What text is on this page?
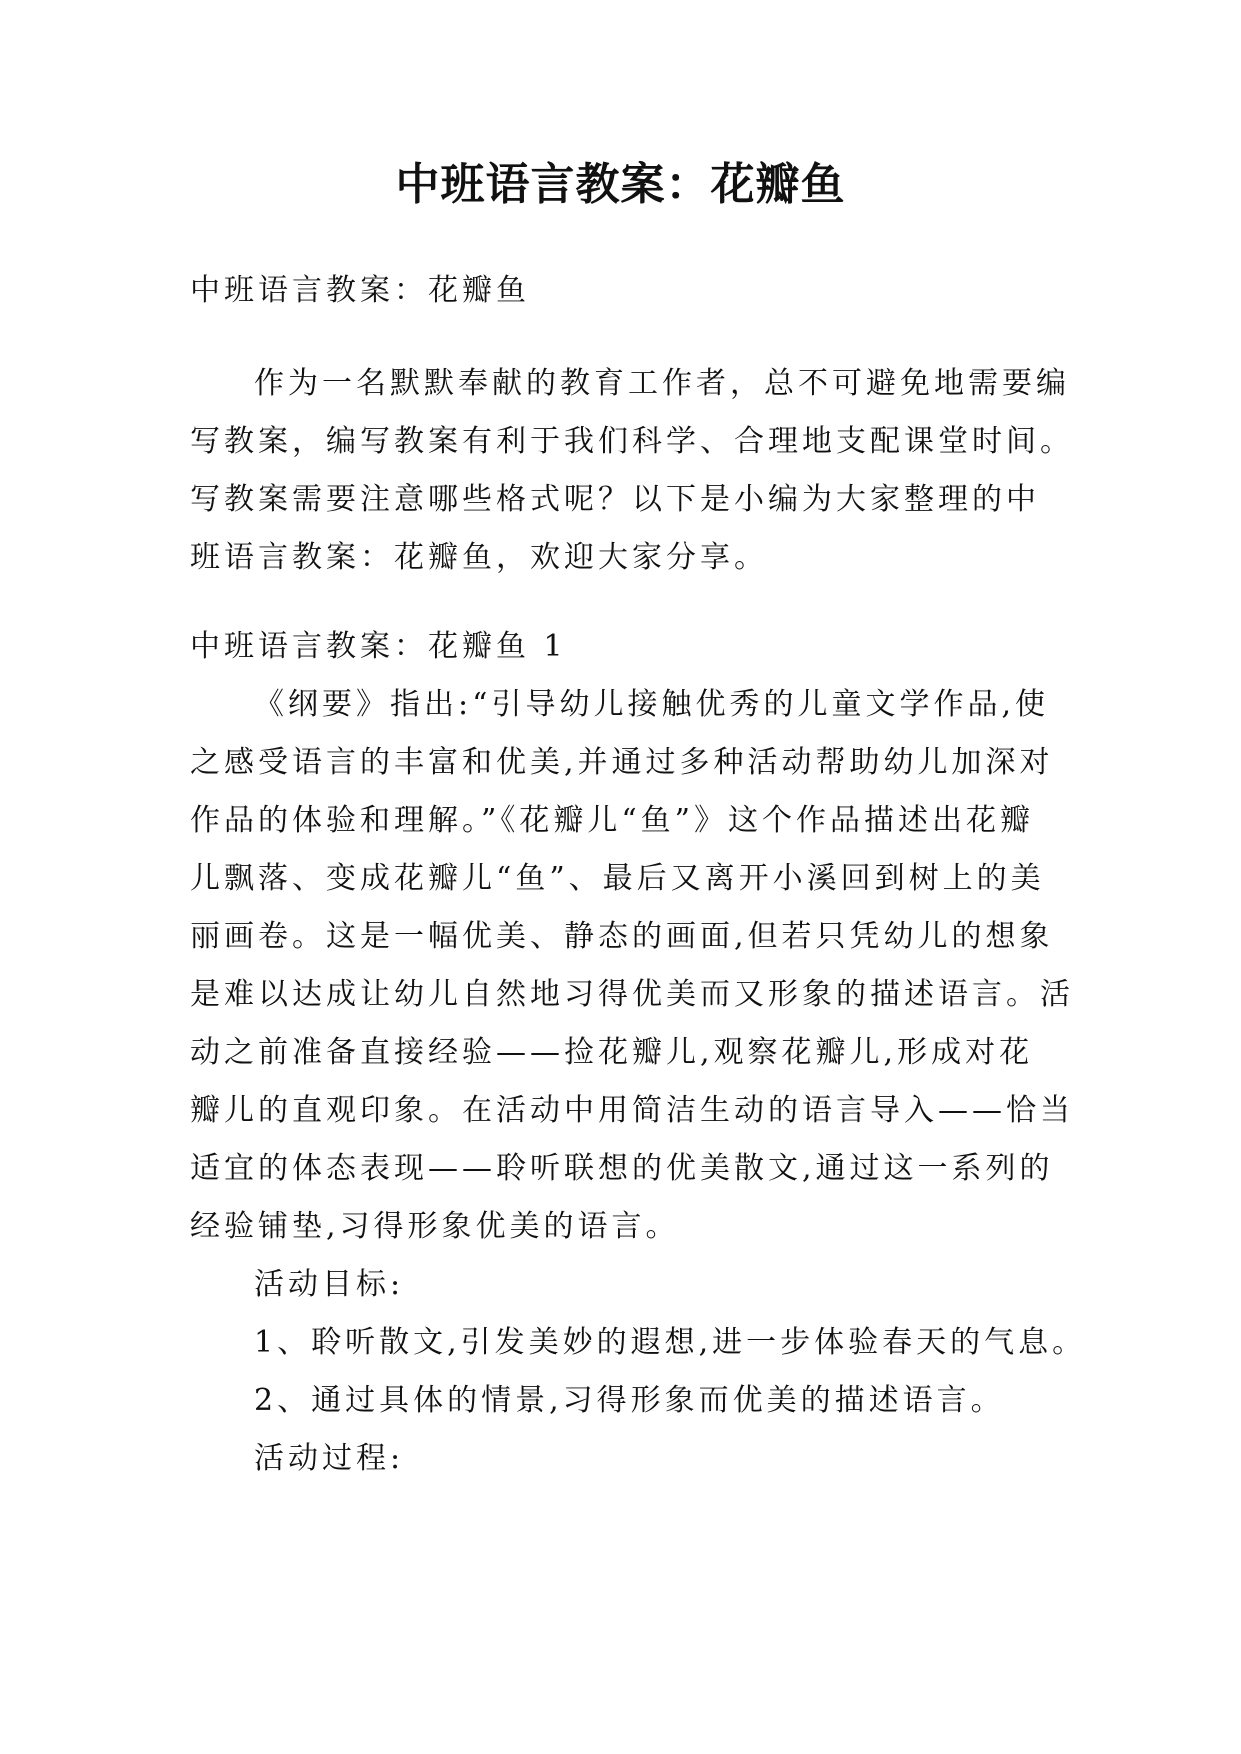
中班语言教案：花瓣鱼
中班语言教案：花瓣鱼
作为一名默默奉献的教育工作者，总不可避免地需要编
写教案，编写教案有利于我们科学、合理地支配课堂时间。
写教案需要注意哪些格式呢？以下是小编为大家整理的中
班语言教案：花瓣鱼，欢迎大家分享。
中班语言教案：花瓣鱼 1
《纲要》指出:“引导幼儿接触优秀的儿童文学作品,使
之感受语言的丰富和优美,并通过多种活动帮助幼儿加深对
作品的体验和理解。”《花瓣儿“鱼”》这个作品描述出花瓣
儿飘落、变成花瓣儿“鱼”、最后又离开小溪回到树上的美
丽画卷。这是一幅优美、静态的画面,但若只凭幼儿的想象
是难以达成让幼儿自然地习得优美而又形象的描述语言。活
动之前准备直接经验——捡花瓣儿,观察花瓣儿,形成对花
瓣儿的直观印象。在活动中用简洁生动的语言导入——恰当
适宜的体态表现——聆听联想的优美散文,通过这一系列的
经验铺垫,习得形象优美的语言。
活动目标:
1、聆听散文,引发美妙的遐想,进一步体验春天的气息。
2、通过具体的情景,习得形象而优美的描述语言。
活动过程:
